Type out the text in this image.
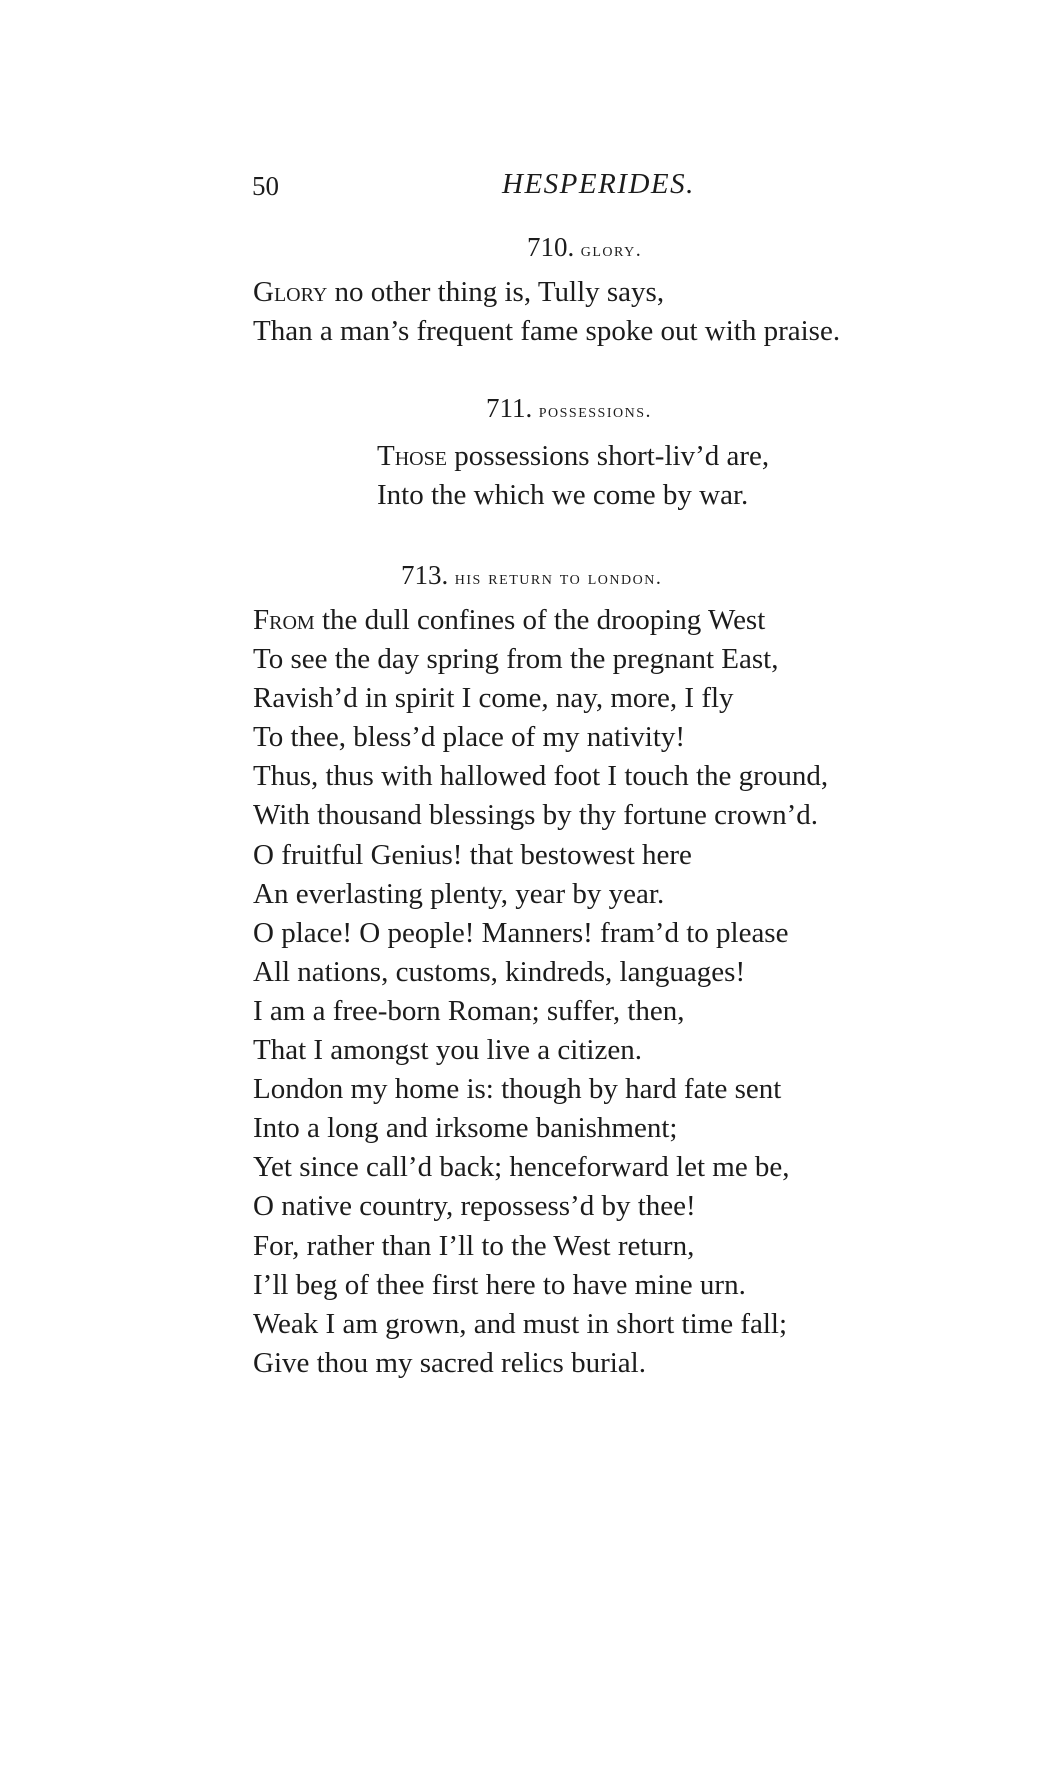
50	HESPERIDES.
710. glory.
Glory no other thing is, Tully says,
Than a man’s frequent fame spoke out with praise.
711. possessions.
Those possessions short-liv’d are,
Into the which we come by war.
713. his return to london.
From the dull confines of the drooping West
To see the day spring from the pregnant East,
Ravish’d in spirit I come, nay, more, I fly
To thee, bless’d place of my nativity!
Thus, thus with hallowed foot I touch the ground,
With thousand blessings by thy fortune crown’d.
O fruitful Genius! that bestowest here
An everlasting plenty, year by year.
O place! O people! Manners! fram’d to please
All nations, customs, kindreds, languages!
I am a free-born Roman; suffer, then,
That I amongst you live a citizen.
London my home is: though by hard fate sent
Into a long and irksome banishment;
Yet since call’d back; henceforward let me be,
O native country, repossess’d by thee!
For, rather than I’ll to the West return,
I’ll beg of thee first here to have mine urn.
Weak I am grown, and must in short time fall;
Give thou my sacred relics burial.
